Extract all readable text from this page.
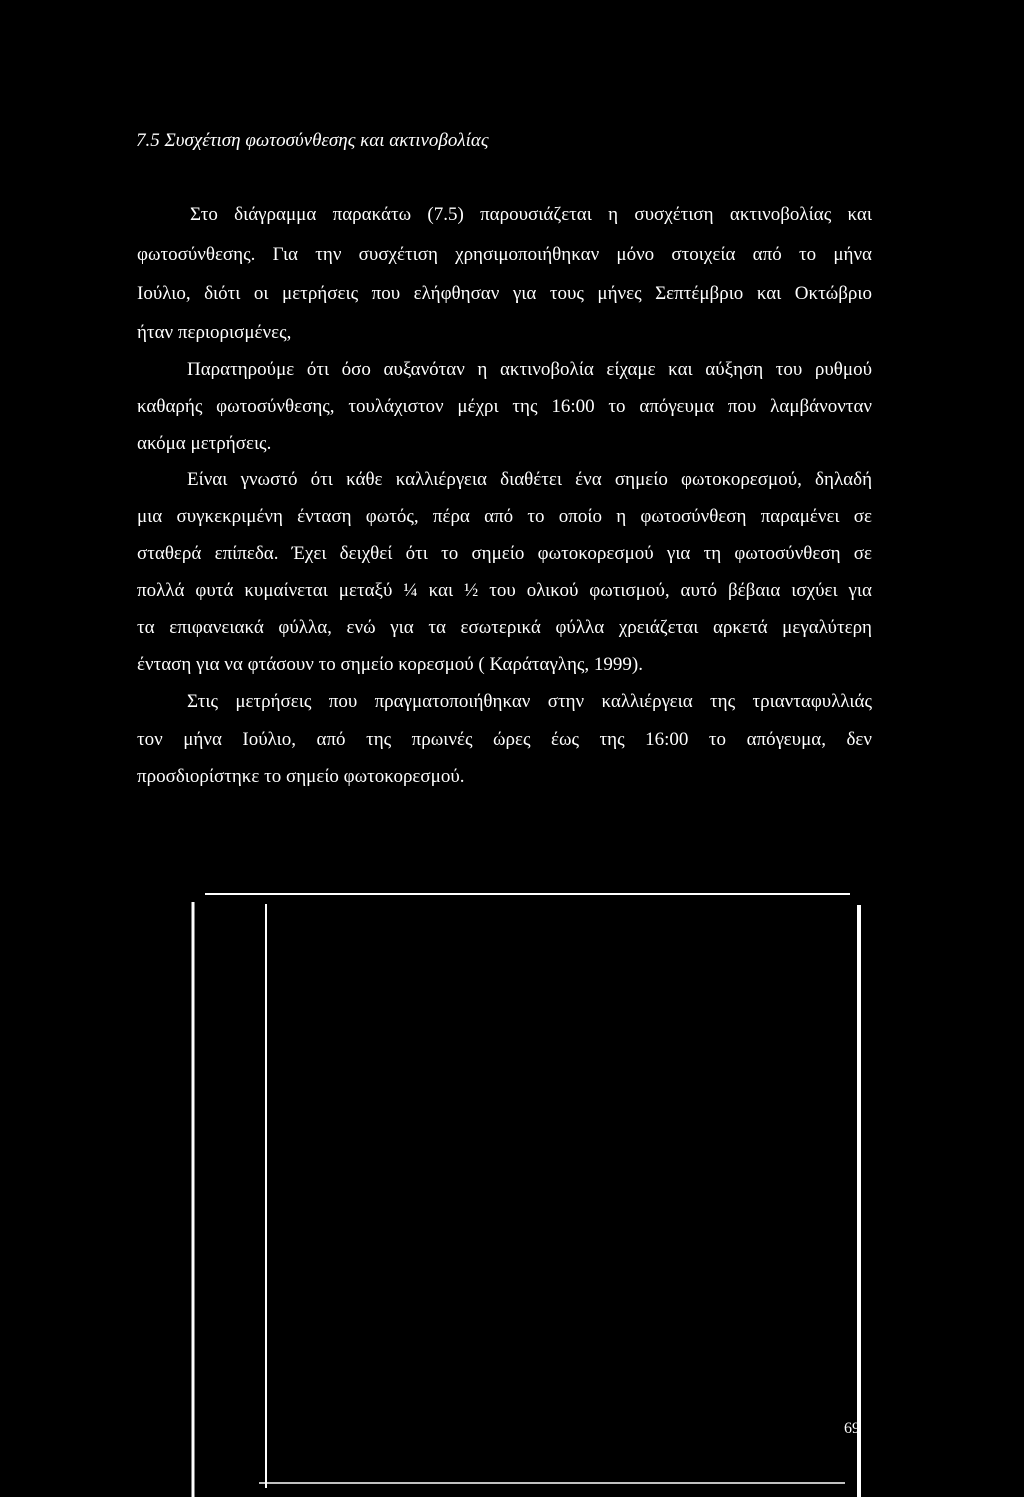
7.5 Συσχέτιση φωτοσύνθεσης και ακτινοβολίας
Στο διάγραμμα παρακάτω (7.5) παρουσιάζεται η συσχέτιση ακτινοβολίας και
φωτοσύνθεσης. Για την συσχέτιση χρησιμοποιήθηκαν μόνο στοιχεία από το μήνα
Ιούλιο, διότι οι μετρήσεις που ελήφθησαν για τους μήνες Σεπτέμβριο και Οκτώβριο
ήταν περιορισμένες,
Παρατηρούμε ότι όσο αυξανόταν η ακτινοβολία είχαμε και αύξηση του ρυθμού
καθαρής φωτοσύνθεσης, τουλάχιστον μέχρι της 16:00 το απόγευμα που λαμβάνονταν
ακόμα μετρήσεις.
Είναι γνωστό ότι κάθε καλλιέργεια διαθέτει ένα σημείο φωτοκορεσμού, δηλαδή
μια συγκεκριμένη ένταση φωτός, πέρα από το οποίο η φωτοσύνθεση παραμένει σε
σταθερά επίπεδα. Έχει δειχθεί ότι το σημείο φωτοκορεσμού για τη φωτοσύνθεση σε
πολλά φυτά κυμαίνεται μεταξύ ¼ και ½ του ολικού φωτισμού, αυτό βέβαια ισχύει για
τα επιφανειακά φύλλα, ενώ για τα εσωτερικά φύλλα χρειάζεται αρκετά μεγαλύτερη
ένταση για να φτάσουν το σημείο κορεσμού ( Καράταγλης, 1999).
Στις μετρήσεις που πραγματοποιήθηκαν στην καλλιέργεια της τριανταφυλλιάς
τον μήνα Ιούλιο, από της πρωινές ώρες έως της 16:00 το απόγευμα, δεν
προσδιορίστηκε το σημείο φωτοκορεσμού.
69
